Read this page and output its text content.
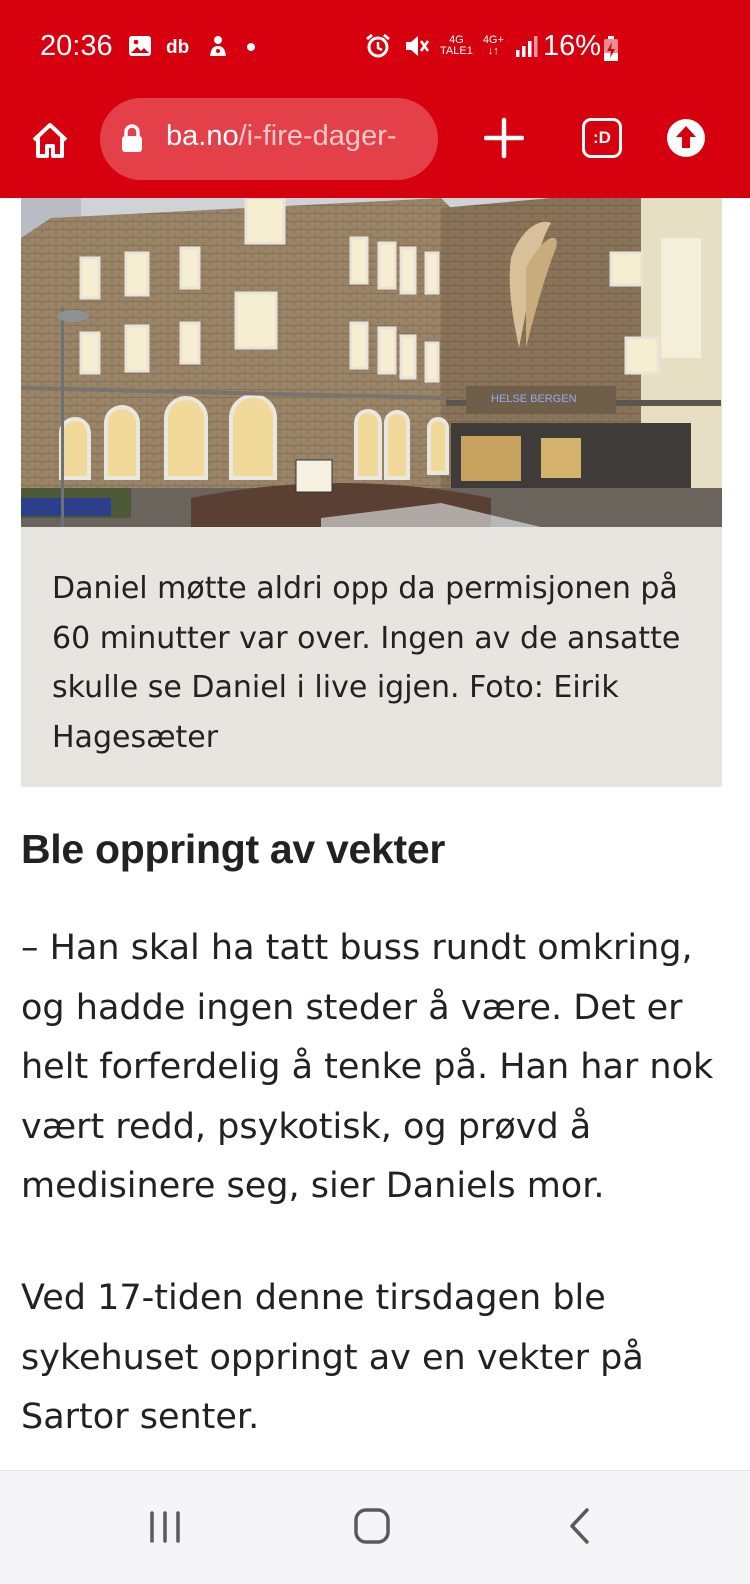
20:36	db	4G
TALE1
4G+
↓↑ 16%
ba.no/i-fire-dager-	:D
HELSE BERGEN
Daniel møtte aldri opp da permisjonen på 60 minutter var over. Ingen av de ansatte skulle se Daniel i live igjen. Foto: Eirik Hagesæter
Ble oppringt av vekter
– Han skal ha tatt buss rundt omkring, og hadde ingen steder å være. Det er helt forferdelig å tenke på. Han har nok vært redd, psykotisk, og prøvd å medisinere seg, sier Daniels mor.
Ved 17-tiden denne tirsdagen ble sykehuset oppringt av en vekter på Sartor senter.
